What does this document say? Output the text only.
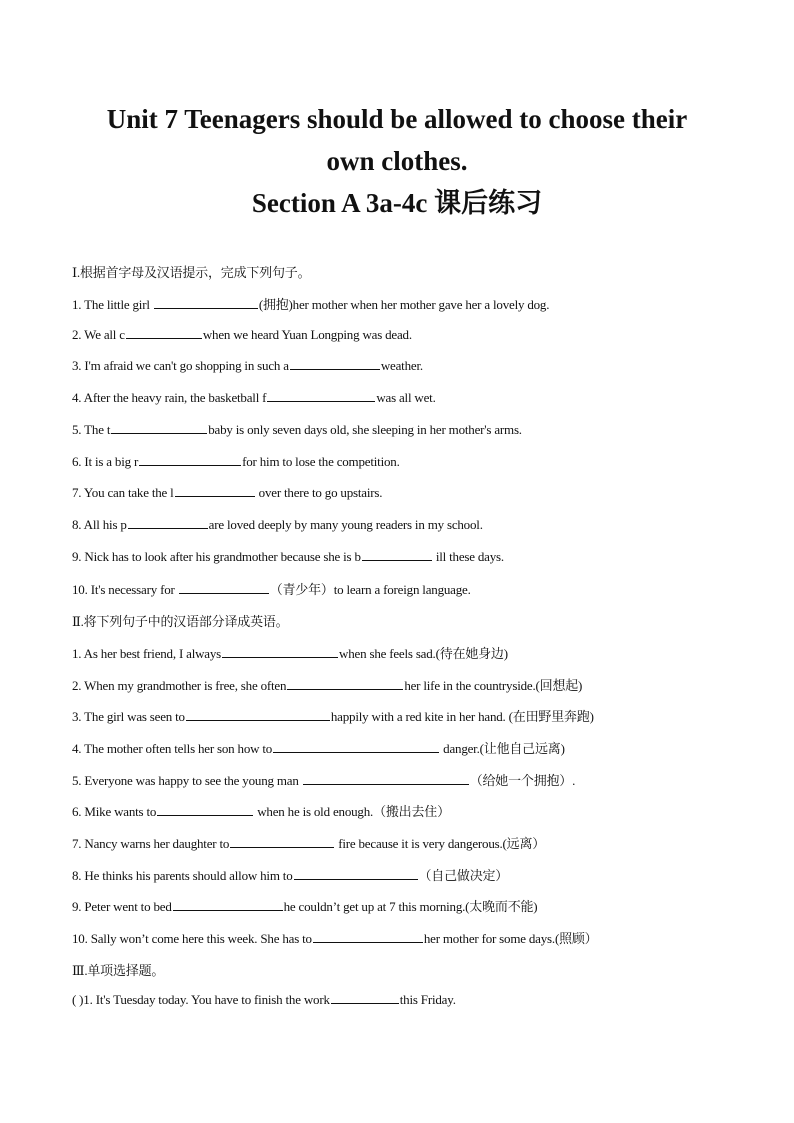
Unit 7 Teenagers should be allowed to choose their
own clothes.
Section A 3a-4c 课后练习
Ⅰ.根据首字母及汉语提示，完成下列句子。
1. The little girl	(拥抱)her mother when her mother gave her a lovely dog.
2. We all c	when we heard Yuan Longping was dead.
3. I'm afraid we can't go shopping in such a	weather.
4. After the heavy rain, the basketball f	was all wet.
5. The t	baby is only seven days old, she sleeping in her mother's arms.
6. It is a big r	for him to lose the competition.
7. You can take the l	over there to go upstairs.
8. All his p	are loved deeply by many young readers in my school.
9. Nick has to look after his grandmother because she is b	ill these days.
10. It's necessary for	（青少年）to learn a foreign language.
Ⅱ.将下列句子中的汉语部分译成英语。
1. As her best friend, I always	when she feels sad.(待在她身边)
2. When my grandmother is free, she often	her life in the countryside.(回想起)
3. The girl was seen to	happily with a red kite in her hand. (在田野里奔跑)
4. The mother often tells her son how to	danger.(让他自己远离)
5. Everyone was happy to see the young man	（给她一个拥抱）.
6. Mike wants to	when he is old enough.（搬出去住）
7. Nancy warns her daughter to	fire because it is very dangerous.(远离）
8. He thinks his parents should allow him to	（自己做决定）
9. Peter went to bed	he couldn’t get up at 7 this morning.(太晚而不能)
10. Sally won’t come here this week. She has to	her mother for some days.(照顾）
Ⅲ.单项选择题。
( )1. It's Tuesday today. You have to finish the work	this Friday.
